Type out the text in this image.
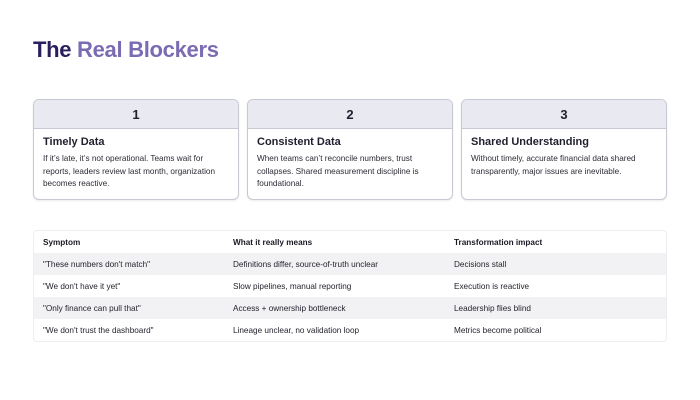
The Real Blockers
1
Timely Data
If it’s late, it’s not operational. Teams wait for reports, leaders review last month, organization becomes reactive.
2
Consistent Data
When teams can’t reconcile numbers, trust collapses. Shared measurement discipline is foundational.
3
Shared Understanding
Without timely, accurate financial data shared transparently, major issues are inevitable.
Symptom	What it really means	Transformation impact
"These numbers don't match"	Definitions differ, source-of-truth unclear	Decisions stall
"We don't have it yet"	Slow pipelines, manual reporting	Execution is reactive
"Only finance can pull that"	Access + ownership bottleneck	Leadership flies blind
"We don't trust the dashboard"	Lineage unclear, no validation loop	Metrics become political
